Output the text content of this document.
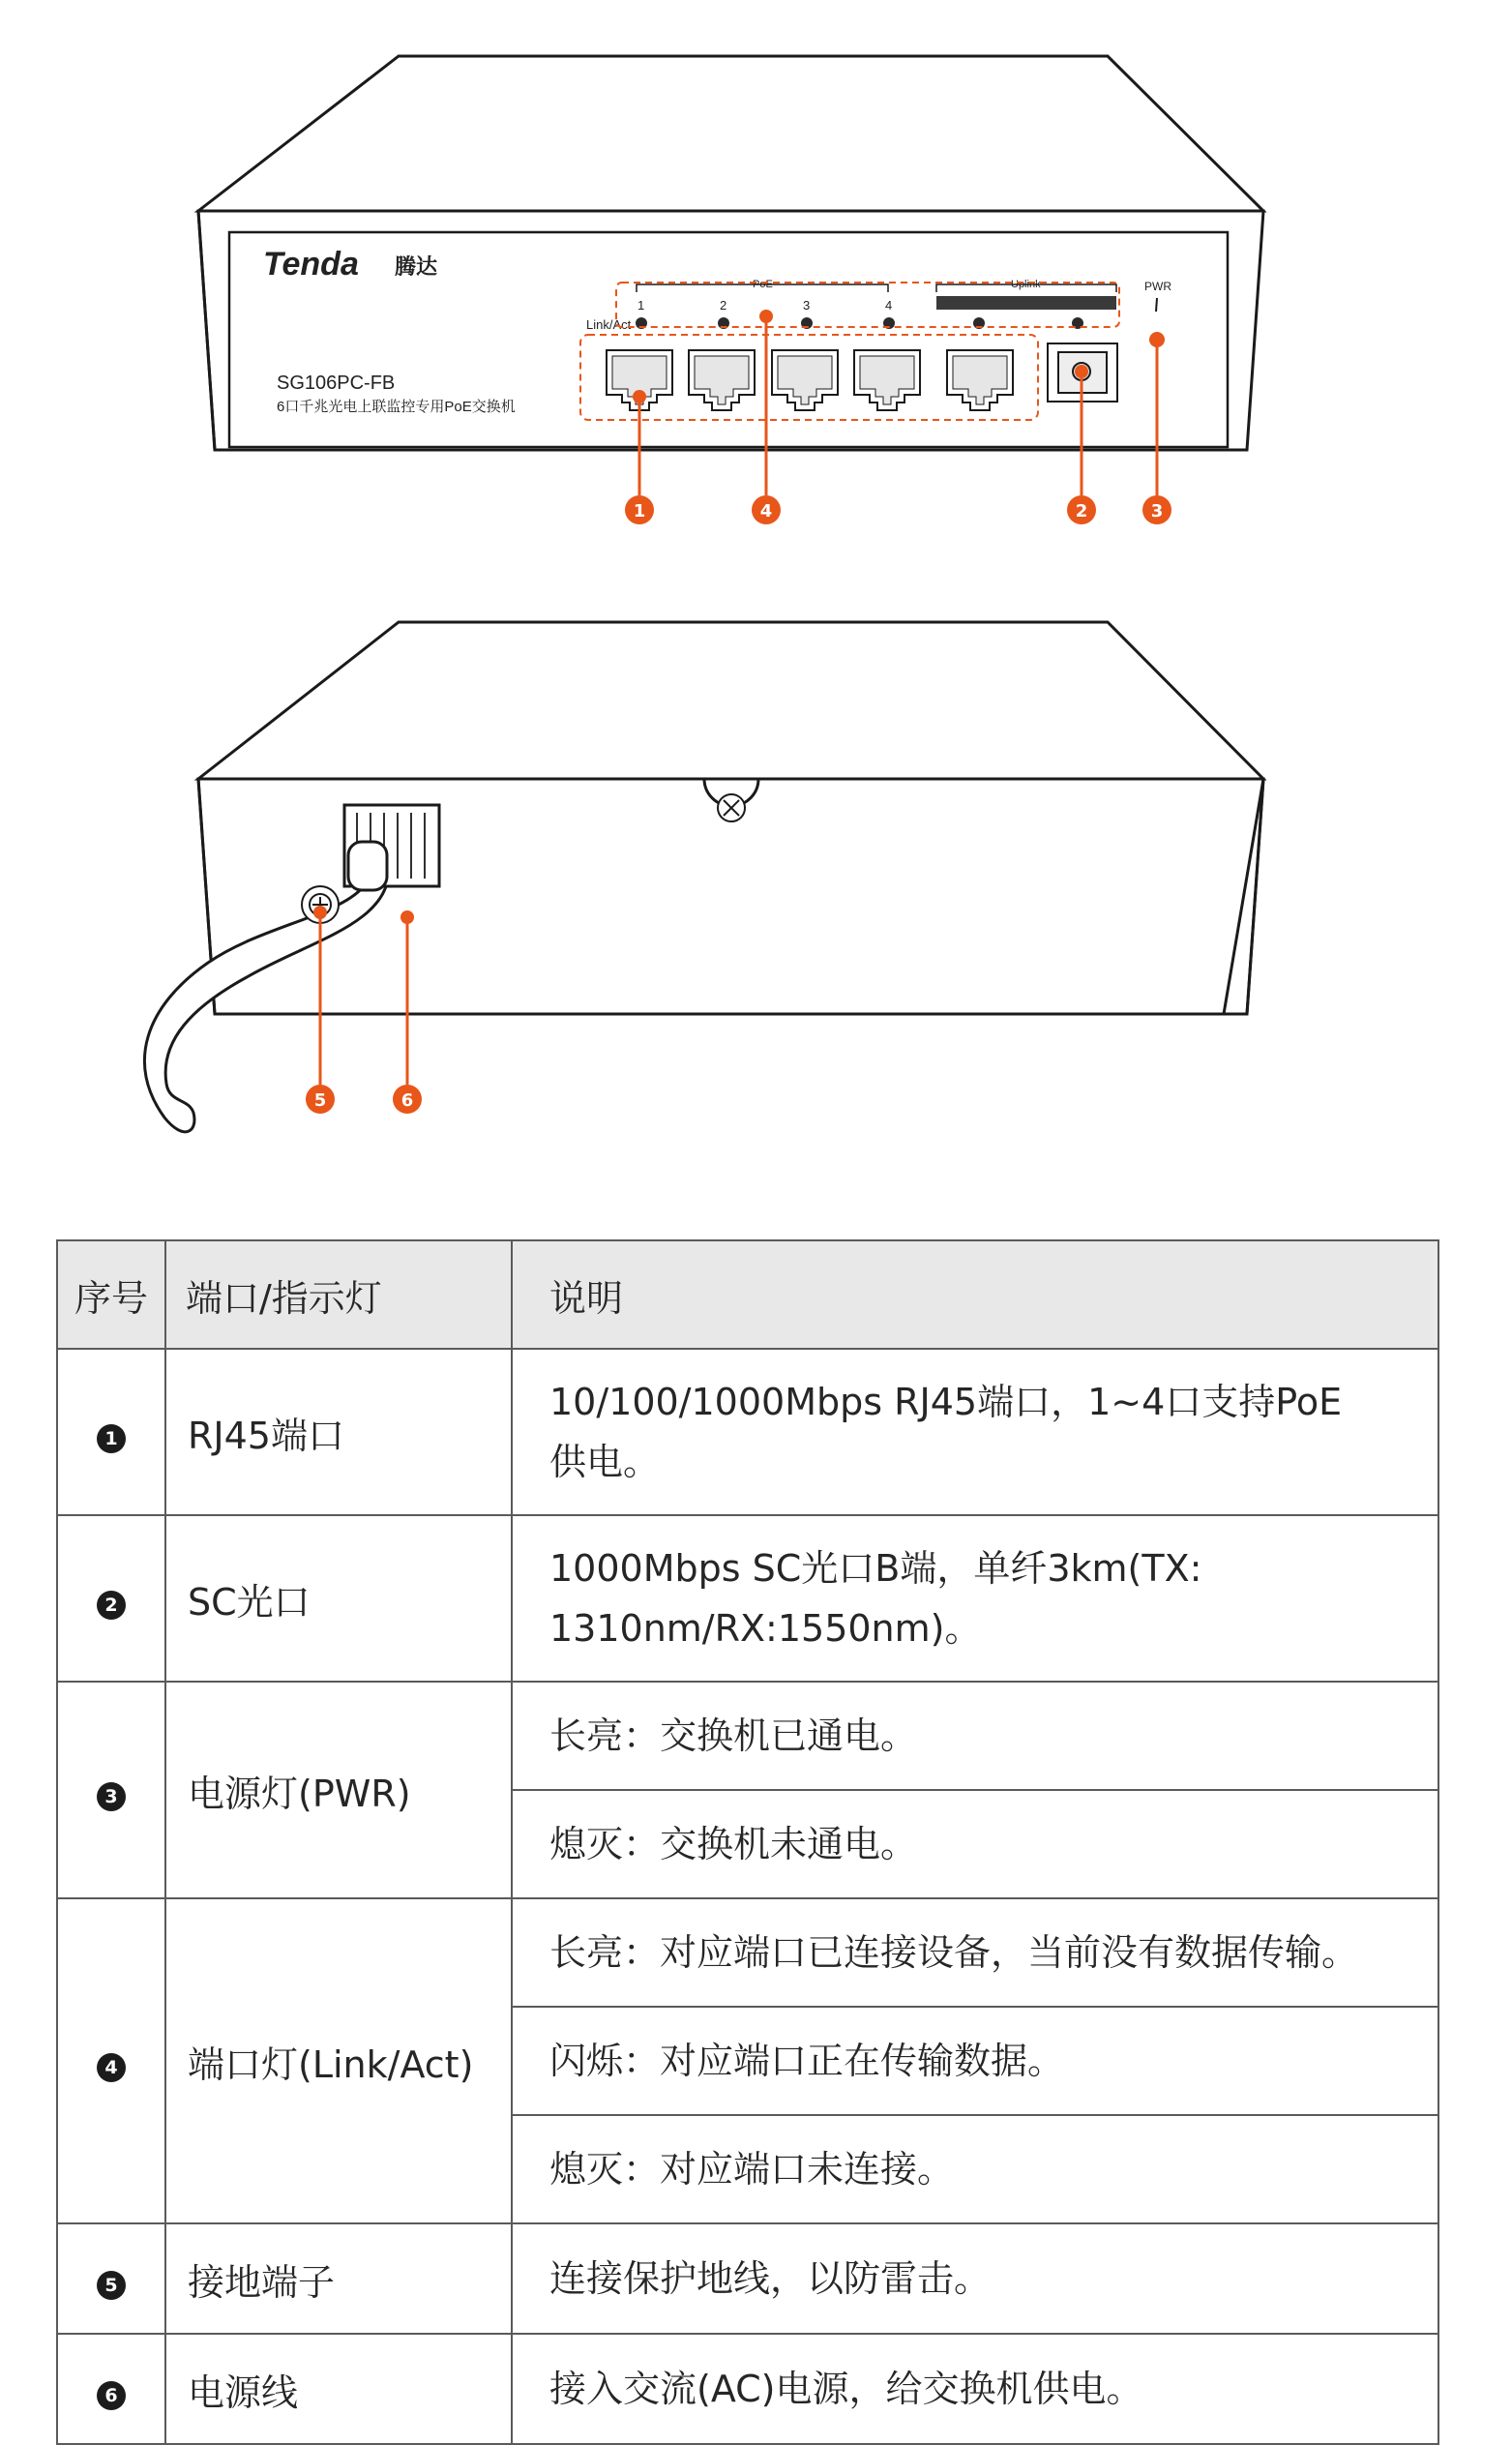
Tenda 腾达
SG106PC-FB
6口千兆光电上联监控专用PoE交换机
PoE	Uplink	PWR
Link/Act
1	2	3	4
1	4	2	3
5	6
序号	端口/指示灯	说明
1	RJ45端口	10/100/1000Mbps RJ45端口，1~4口支持PoE
供电。

2	SC光口	1000Mbps SC光口B端，单纤3km(TX:
1310nm/RX:1550nm)。

3	电源灯(PWR)	长亮：交换机已通电。
		熄灭：交换机未通电。
4	端口灯(Link/Act)	长亮：对应端口已连接设备，当前没有数据传输。
		闪烁：对应端口正在传输数据。
		熄灭：对应端口未连接。
5	接地端子	连接保护地线，以防雷击。
6	电源线	接入交流(AC)电源，给交换机供电。
